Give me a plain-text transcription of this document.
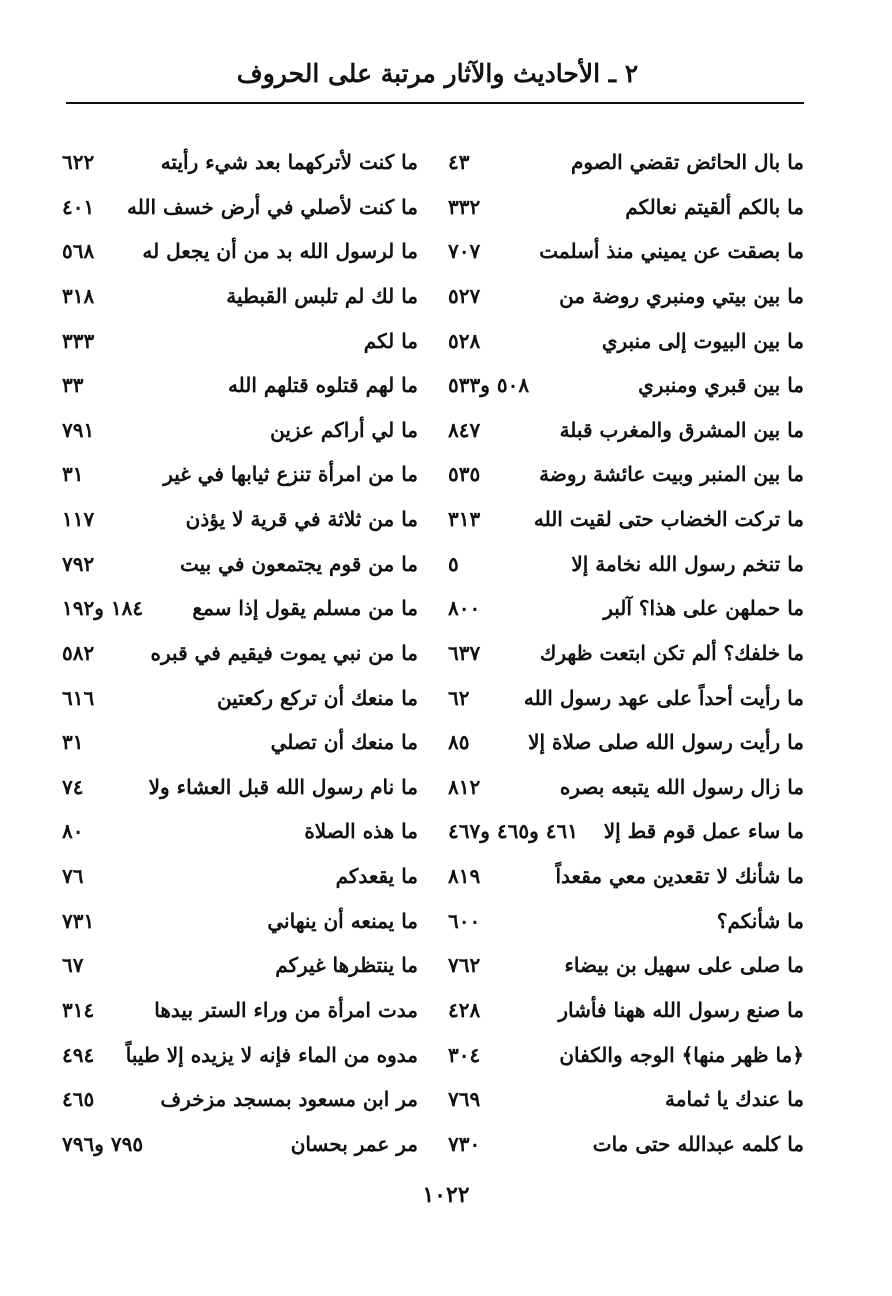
٢ ـ الأحاديث والآثار مرتبة على الحروف
ما بال الحائض تقضي الصوم
٤٣
ما بالكم ألقيتم نعالكم
٣٣٢
ما بصقت عن يميني منذ أسلمت
٧٠٧
ما بين بيتي ومنبري روضة من
٥٢٧
ما بين البيوت إلى منبري
٥٢٨
ما بين قبري ومنبري
٥٠٨ و٥٣٣
ما بين المشرق والمغرب قبلة
٨٤٧
ما بين المنبر وبيت عائشة روضة
٥٣٥
ما تركت الخضاب حتى لقيت الله
٣١٣
ما تنخم رسول الله نخامة إلا
٥
ما حملهن على هذا؟ آلبر
٨٠٠
ما خلفك؟ ألم تكن ابتعت ظهرك
٦٣٧
ما رأيت أحداً على عهد رسول الله
٦٢
ما رأيت رسول الله صلى صلاة إلا
٨٥
ما زال رسول الله يتبعه بصره
٨١٢
ما ساء عمل قوم قط إلا
٤٦١ و٤٦٥ و٤٦٧
ما شأنك لا تقعدين معي مقعداً
٨١٩
ما شأنكم؟
٦٠٠
ما صلى على سهيل بن بيضاء
٧٦٢
ما صنع رسول الله ههنا فأشار
٤٢٨
﴿ما ظهر منها﴾ الوجه والكفان
٣٠٤
ما عندك يا ثمامة
٧٦٩
ما كلمه عبدالله حتى مات
٧٣٠
ما كنت لأتركهما بعد شيء رأيته
٦٢٢
ما كنت لأصلي في أرض خسف الله
٤٠١
ما لرسول الله بد من أن يجعل له
٥٦٨
ما لك لم تلبس القبطية
٣١٨
ما لكم
٣٣٣
ما لهم قتلوه قتلهم الله
٣٣
ما لي أراكم عزين
٧٩١
ما من امرأة تنزع ثيابها في غير
٣١
ما من ثلاثة في قرية لا يؤذن
١١٧
ما من قوم يجتمعون في بيت
٧٩٢
ما من مسلم يقول إذا سمع
١٨٤ و١٩٢
ما من نبي يموت فيقيم في قبره
٥٨٢
ما منعك أن تركع ركعتين
٦١٦
ما منعك أن تصلي
٣١
ما نام رسول الله قبل العشاء ولا
٧٤
ما هذه الصلاة
٨٠
ما يقعدكم
٧٦
ما يمنعه أن ينهاني
٧٣١
ما ينتظرها غيركم
٦٧
مدت امرأة من وراء الستر بيدها
٣١٤
مدوه من الماء فإنه لا يزيده إلا طيباً
٤٩٤
مر ابن مسعود بمسجد مزخرف
٤٦٥
مر عمر بحسان
٧٩٥ و٧٩٦
١٠٢٢
